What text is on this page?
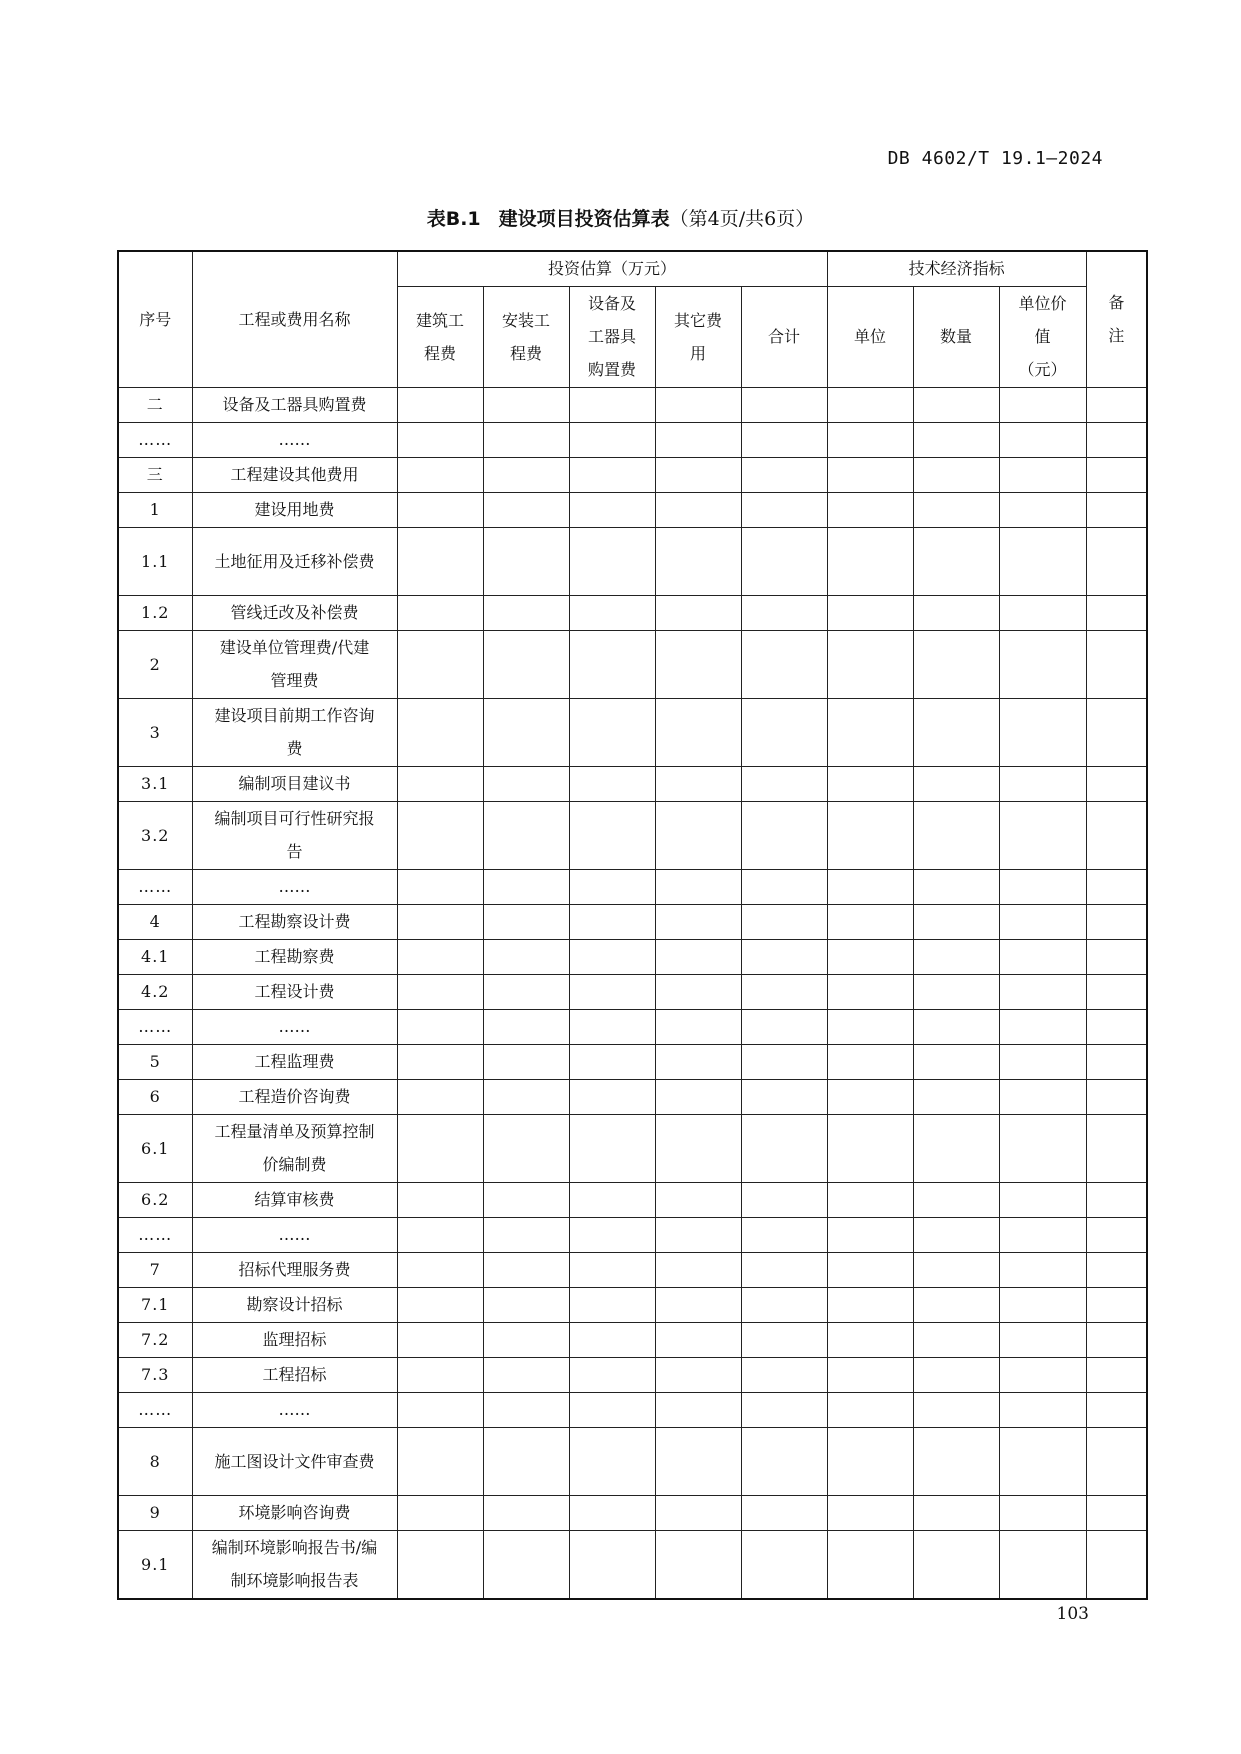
DB 4602/T 19.1—2024
表B.1 建设项目投资估算表（第4页/共6页）
序号	工程或费用名称	投资估算（万元）					技术经济指标			备注
		建筑工程费	安装工程费	设备及工器具购置费	其它费用	合计	单位	数量	单位价值（元）	
二	设备及工器具购置费									
……	……									
三	工程建设其他费用									
1	建设用地费									
1.1	土地征用及迁移补偿费									
1.2	管线迁改及补偿费									
2	建设单位管理费/代建管理费									
3	建设项目前期工作咨询费									
3.1	编制项目建议书									
3.2	编制项目可行性研究报告									
……	……									
4	工程勘察设计费									
4.1	工程勘察费									
4.2	工程设计费									
……	……									
5	工程监理费									
6	工程造价咨询费									
6.1	工程量清单及预算控制价编制费									
6.2	结算审核费									
……	……									
7	招标代理服务费									
7.1	勘察设计招标									
7.2	监理招标									
7.3	工程招标									
……	……									
8	施工图设计文件审查费									
9	环境影响咨询费									
9.1	编制环境影响报告书/编制环境影响报告表									
103
